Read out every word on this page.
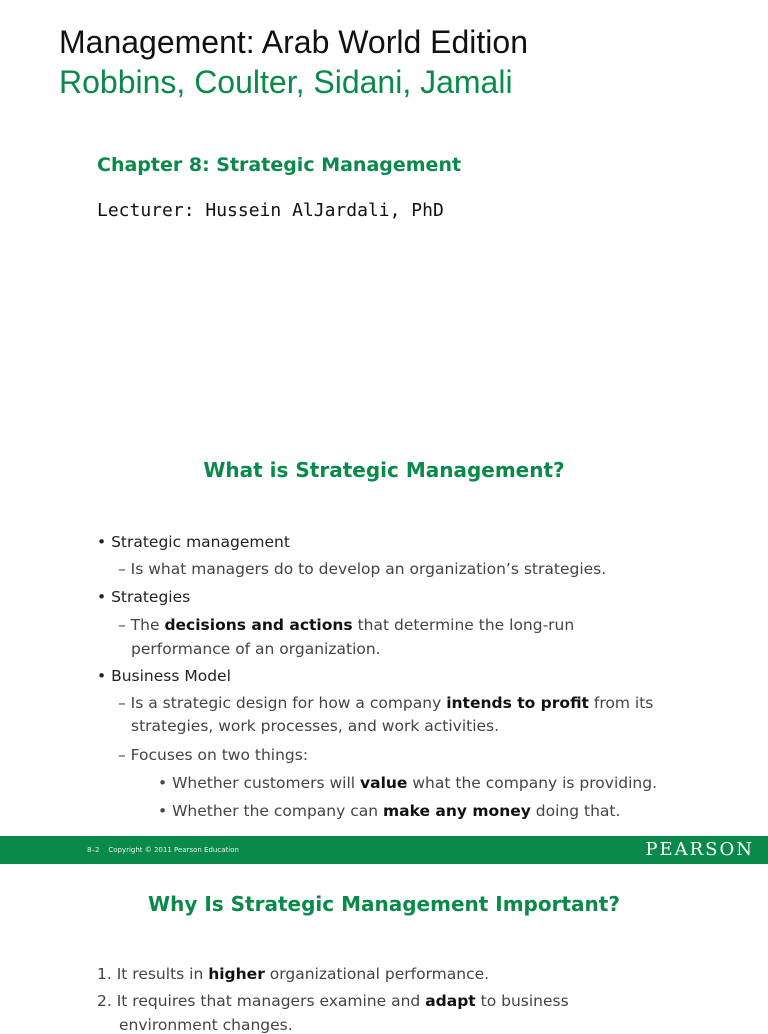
Management: Arab World Edition
Robbins, Coulter, Sidani, Jamali
Chapter 8: Strategic Management
Lecturer: Hussein AlJardali, PhD
What is Strategic Management?
• Strategic management
– Is what managers do to develop an organization’s strategies.
• Strategies
– The decisions and actions that determine the long-run
performance of an organization.
• Business Model
– Is a strategic design for how a company intends to profit from its
strategies, work processes, and work activities.
– Focuses on two things:
• Whether customers will value what the company is providing.
• Whether the company can make any money doing that.
8–2 Copyright © 2011 Pearson Education	PEARSON
Why Is Strategic Management Important?
1. It results in higher organizational performance.
2. It requires that managers examine and adapt to business
environment changes.
